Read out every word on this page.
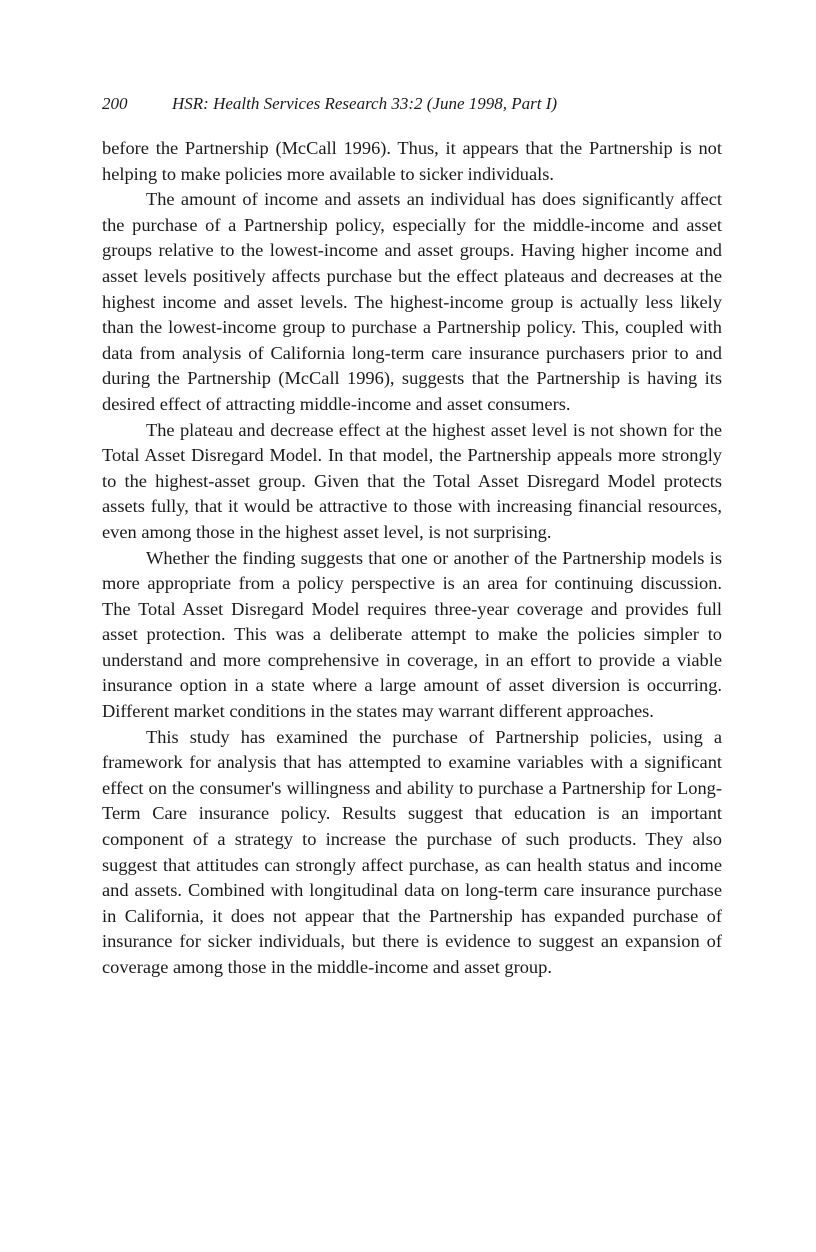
200	HSR: Health Services Research 33:2 (June 1998, Part I)

before the Partnership (McCall 1996). Thus, it appears that the Partnership is not helping to make policies more available to sicker individuals.

The amount of income and assets an individual has does significantly affect the purchase of a Partnership policy, especially for the middle-income and asset groups relative to the lowest-income and asset groups. Having higher income and asset levels positively affects purchase but the effect plateaus and decreases at the highest income and asset levels. The highest-income group is actually less likely than the lowest-income group to purchase a Partnership policy. This, coupled with data from analysis of California long-term care insurance purchasers prior to and during the Partnership (McCall 1996), suggests that the Partnership is having its desired effect of attracting middle-income and asset consumers.

The plateau and decrease effect at the highest asset level is not shown for the Total Asset Disregard Model. In that model, the Partnership appeals more strongly to the highest-asset group. Given that the Total Asset Disregard Model protects assets fully, that it would be attractive to those with increasing financial resources, even among those in the highest asset level, is not surprising.

Whether the finding suggests that one or another of the Partnership models is more appropriate from a policy perspective is an area for continuing discussion. The Total Asset Disregard Model requires three-year coverage and provides full asset protection. This was a deliberate attempt to make the policies simpler to understand and more comprehensive in coverage, in an effort to provide a viable insurance option in a state where a large amount of asset diversion is occurring. Different market conditions in the states may warrant different approaches.

This study has examined the purchase of Partnership policies, using a framework for analysis that has attempted to examine variables with a significant effect on the consumer's willingness and ability to purchase a Partnership for Long-Term Care insurance policy. Results suggest that education is an important component of a strategy to increase the purchase of such products. They also suggest that attitudes can strongly affect purchase, as can health status and income and assets. Combined with longitudinal data on long-term care insurance purchase in California, it does not appear that the Partnership has expanded purchase of insurance for sicker individuals, but there is evidence to suggest an expansion of coverage among those in the middle-income and asset group.
